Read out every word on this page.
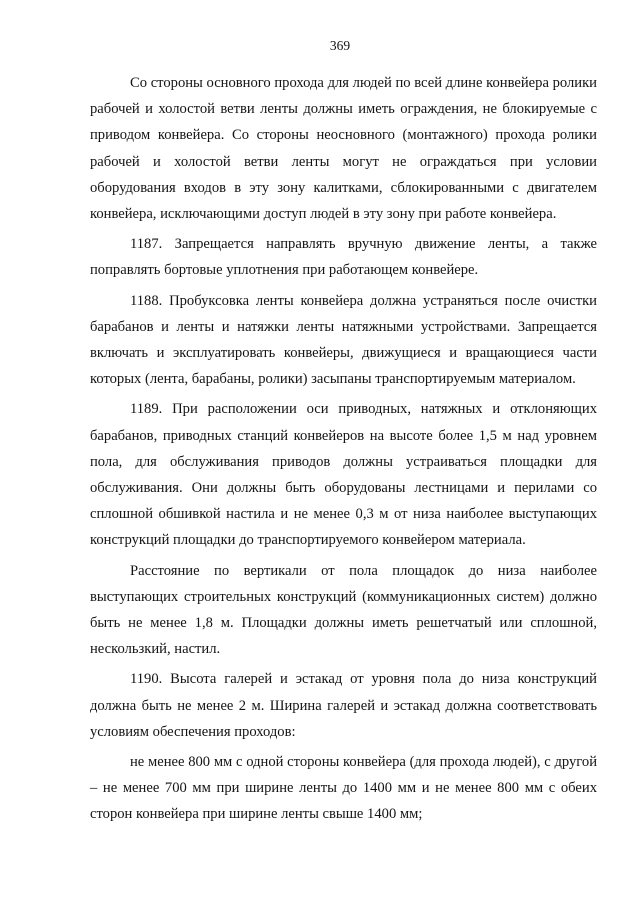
369

Со стороны основного прохода для людей по всей длине конвейера ролики рабочей и холостой ветви ленты должны иметь ограждения, не блокируемые с приводом конвейера. Со стороны неосновного (монтажного) прохода ролики рабочей и холостой ветви ленты могут не ограждаться при условии оборудования входов в эту зону калитками, сблокированными с двигателем конвейера, исключающими доступ людей в эту зону при работе конвейера.

1187. Запрещается направлять вручную движение ленты, а также поправлять бортовые уплотнения при работающем конвейере.

1188. Пробуксовка ленты конвейера должна устраняться после очистки барабанов и ленты и натяжки ленты натяжными устройствами. Запрещается включать и эксплуатировать конвейеры, движущиеся и вращающиеся части которых (лента, барабаны, ролики) засыпаны транспортируемым материалом.

1189. При расположении оси приводных, натяжных и отклоняющих барабанов, приводных станций конвейеров на высоте более 1,5 м над уровнем пола, для обслуживания приводов должны устраиваться площадки для обслуживания. Они должны быть оборудованы лестницами и перилами со сплошной обшивкой настила и не менее 0,3 м от низа наиболее выступающих конструкций площадки до транспортируемого конвейером материала.

Расстояние по вертикали от пола площадок до низа наиболее выступающих строительных конструкций (коммуникационных систем) должно быть не менее 1,8 м. Площадки должны иметь решетчатый или сплошной, нескользкий, настил.

1190. Высота галерей и эстакад от уровня пола до низа конструкций должна быть не менее 2 м. Ширина галерей и эстакад должна соответствовать условиям обеспечения проходов:

не менее 800 мм с одной стороны конвейера (для прохода людей), с другой – не менее 700 мм при ширине ленты до 1400 мм и не менее 800 мм с обеих сторон конвейера при ширине ленты свыше 1400 мм;
